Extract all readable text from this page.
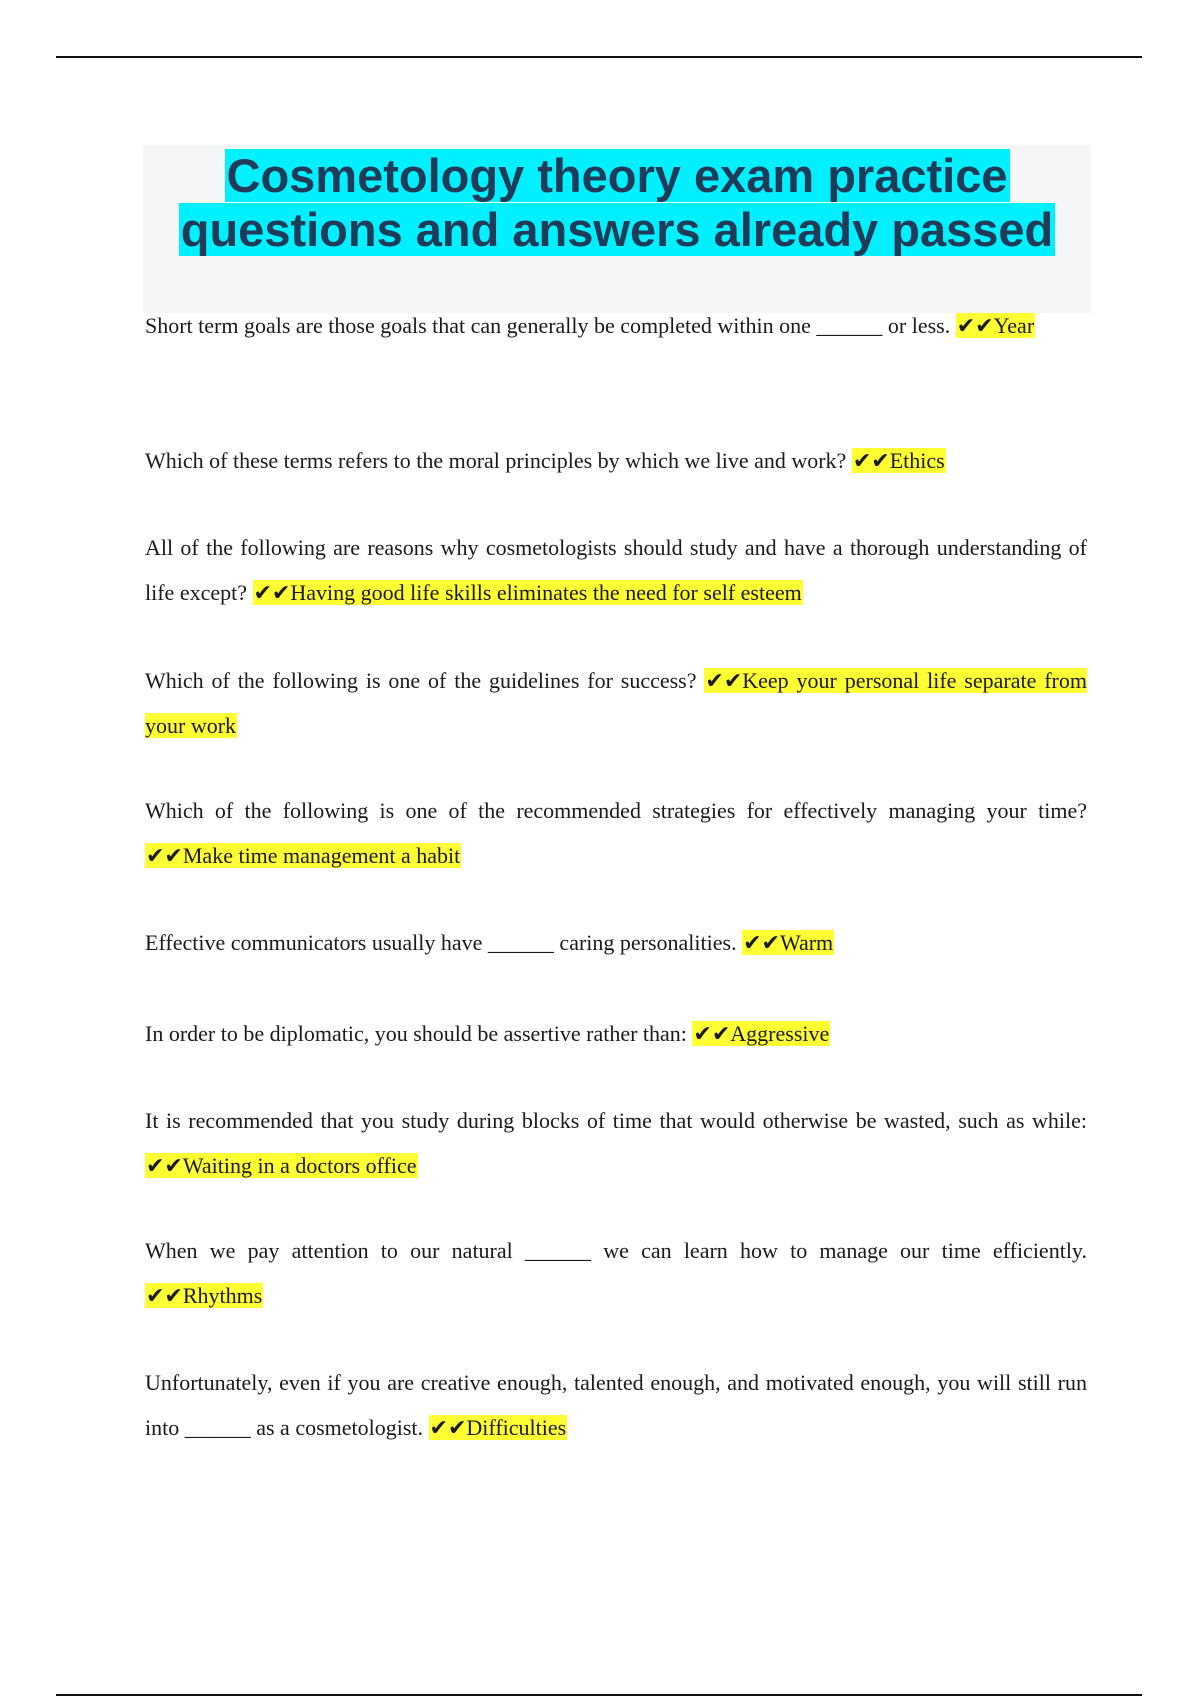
Cosmetology theory exam practice
questions and answers already passed

Short term goals are those goals that can generally be completed within one ______ or less. ✔✔Year

Which of these terms refers to the moral principles by which we live and work? ✔✔Ethics

All of the following are reasons why cosmetologists should study and have a thorough understanding of life except? ✔✔Having good life skills eliminates the need for self esteem

Which of the following is one of the guidelines for success? ✔✔Keep your personal life separate from your work

Which of the following is one of the recommended strategies for effectively managing your time? ✔✔Make time management a habit

Effective communicators usually have ______ caring personalities. ✔✔Warm

In order to be diplomatic, you should be assertive rather than: ✔✔Aggressive

It is recommended that you study during blocks of time that would otherwise be wasted, such as while: ✔✔Waiting in a doctors office

When we pay attention to our natural ______ we can learn how to manage our time efficiently. ✔✔Rhythms

Unfortunately, even if you are creative enough, talented enough, and motivated enough, you will still run into ______ as a cosmetologist. ✔✔Difficulties
